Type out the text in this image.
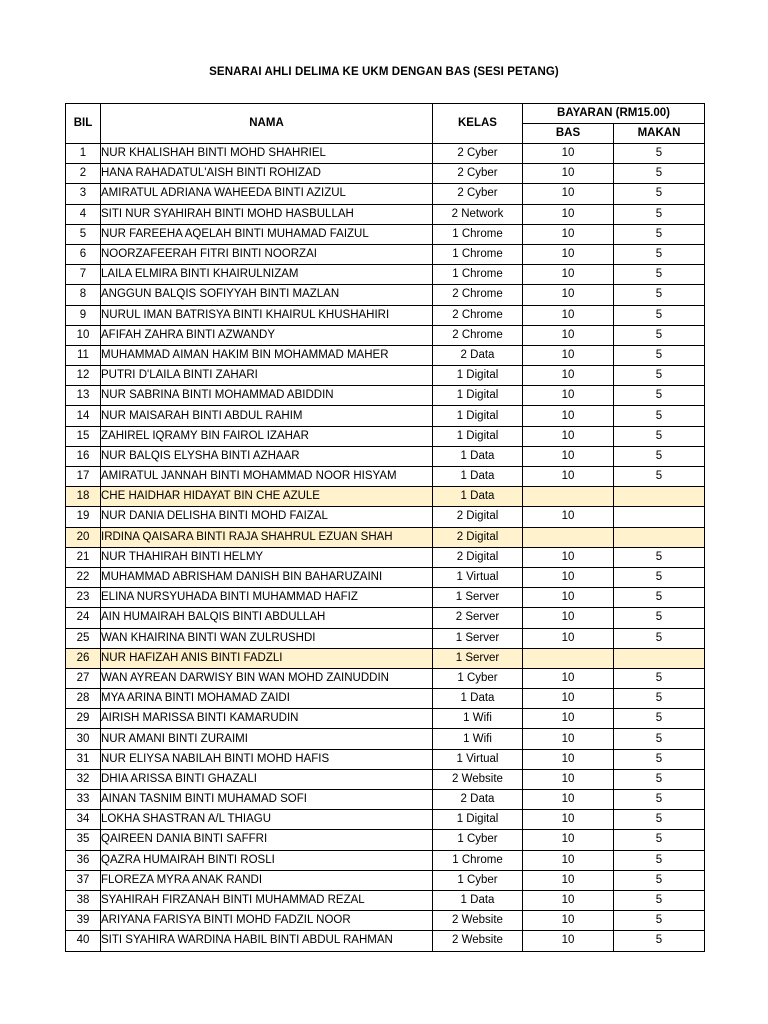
SENARAI AHLI DELIMA KE UKM DENGAN BAS (SESI PETANG)
BIL	NAMA	KELAS	BAYARAN (RM15.00)	
			BAS	MAKAN
1	NUR KHALISHAH BINTI MOHD SHAHRIEL	2 Cyber	10	5
2	HANA RAHADATUL'AISH BINTI ROHIZAD	2 Cyber	10	5
3	AMIRATUL ADRIANA WAHEEDA BINTI AZIZUL	2 Cyber	10	5
4	SITI NUR SYAHIRAH BINTI MOHD HASBULLAH	2 Network	10	5
5	NUR FAREEHA AQELAH BINTI MUHAMAD FAIZUL	1 Chrome	10	5
6	NOORZAFEERAH FITRI BINTI NOORZAI	1 Chrome	10	5
7	LAILA ELMIRA BINTI KHAIRULNIZAM	1 Chrome	10	5
8	ANGGUN BALQIS SOFIYYAH BINTI MAZLAN	2 Chrome	10	5
9	NURUL IMAN BATRISYA BINTI KHAIRUL KHUSHAHIRI	2 Chrome	10	5
10	AFIFAH ZAHRA BINTI AZWANDY	2 Chrome	10	5
11	MUHAMMAD AIMAN HAKIM BIN MOHAMMAD MAHER	2 Data	10	5
12	PUTRI D'LAILA BINTI ZAHARI	1 Digital	10	5
13	NUR SABRINA BINTI MOHAMMAD ABIDDIN	1 Digital	10	5
14	NUR MAISARAH BINTI ABDUL RAHIM	1 Digital	10	5
15	ZAHIREL IQRAMY BIN FAIROL IZAHAR	1 Digital	10	5
16	NUR BALQIS ELYSHA BINTI AZHAAR	1 Data	10	5
17	AMIRATUL JANNAH BINTI MOHAMMAD NOOR HISYAM	1 Data	10	5
18	CHE HAIDHAR HIDAYAT BIN CHE AZULE	1 Data		
19	NUR DANIA DELISHA BINTI MOHD FAIZAL	2 Digital	10	
20	IRDINA QAISARA BINTI RAJA SHAHRUL EZUAN SHAH	2 Digital		
21	NUR THAHIRAH BINTI HELMY	2 Digital	10	5
22	MUHAMMAD ABRISHAM DANISH BIN BAHARUZAINI	1 Virtual	10	5
23	ELINA NURSYUHADA BINTI MUHAMMAD HAFIZ	1 Server	10	5
24	AIN HUMAIRAH BALQIS BINTI ABDULLAH	2 Server	10	5
25	WAN KHAIRINA BINTI WAN ZULRUSHDI	1 Server	10	5
26	NUR HAFIZAH ANIS BINTI FADZLI	1 Server		
27	WAN AYREAN DARWISY BIN WAN MOHD ZAINUDDIN	1 Cyber	10	5
28	MYA ARINA BINTI MOHAMAD ZAIDI	1 Data	10	5
29	AIRISH MARISSA BINTI KAMARUDIN	1 Wifi	10	5
30	NUR AMANI BINTI ZURAIMI	1 Wifi	10	5
31	NUR ELIYSA NABILAH BINTI MOHD HAFIS	1 Virtual	10	5
32	DHIA ARISSA BINTI GHAZALI	2 Website	10	5
33	AINAN TASNIM BINTI MUHAMAD SOFI	2 Data	10	5
34	LOKHA SHASTRAN A/L THIAGU	1 Digital	10	5
35	QAIREEN DANIA BINTI SAFFRI	1 Cyber	10	5
36	QAZRA HUMAIRAH BINTI ROSLI	1 Chrome	10	5
37	FLOREZA MYRA ANAK RANDI	1 Cyber	10	5
38	SYAHIRAH FIRZANAH BINTI MUHAMMAD REZAL	1 Data	10	5
39	ARIYANA FARISYA BINTI MOHD FADZIL NOOR	2 Website	10	5
40	SITI SYAHIRA WARDINA HABIL BINTI ABDUL RAHMAN	2 Website	10	5
